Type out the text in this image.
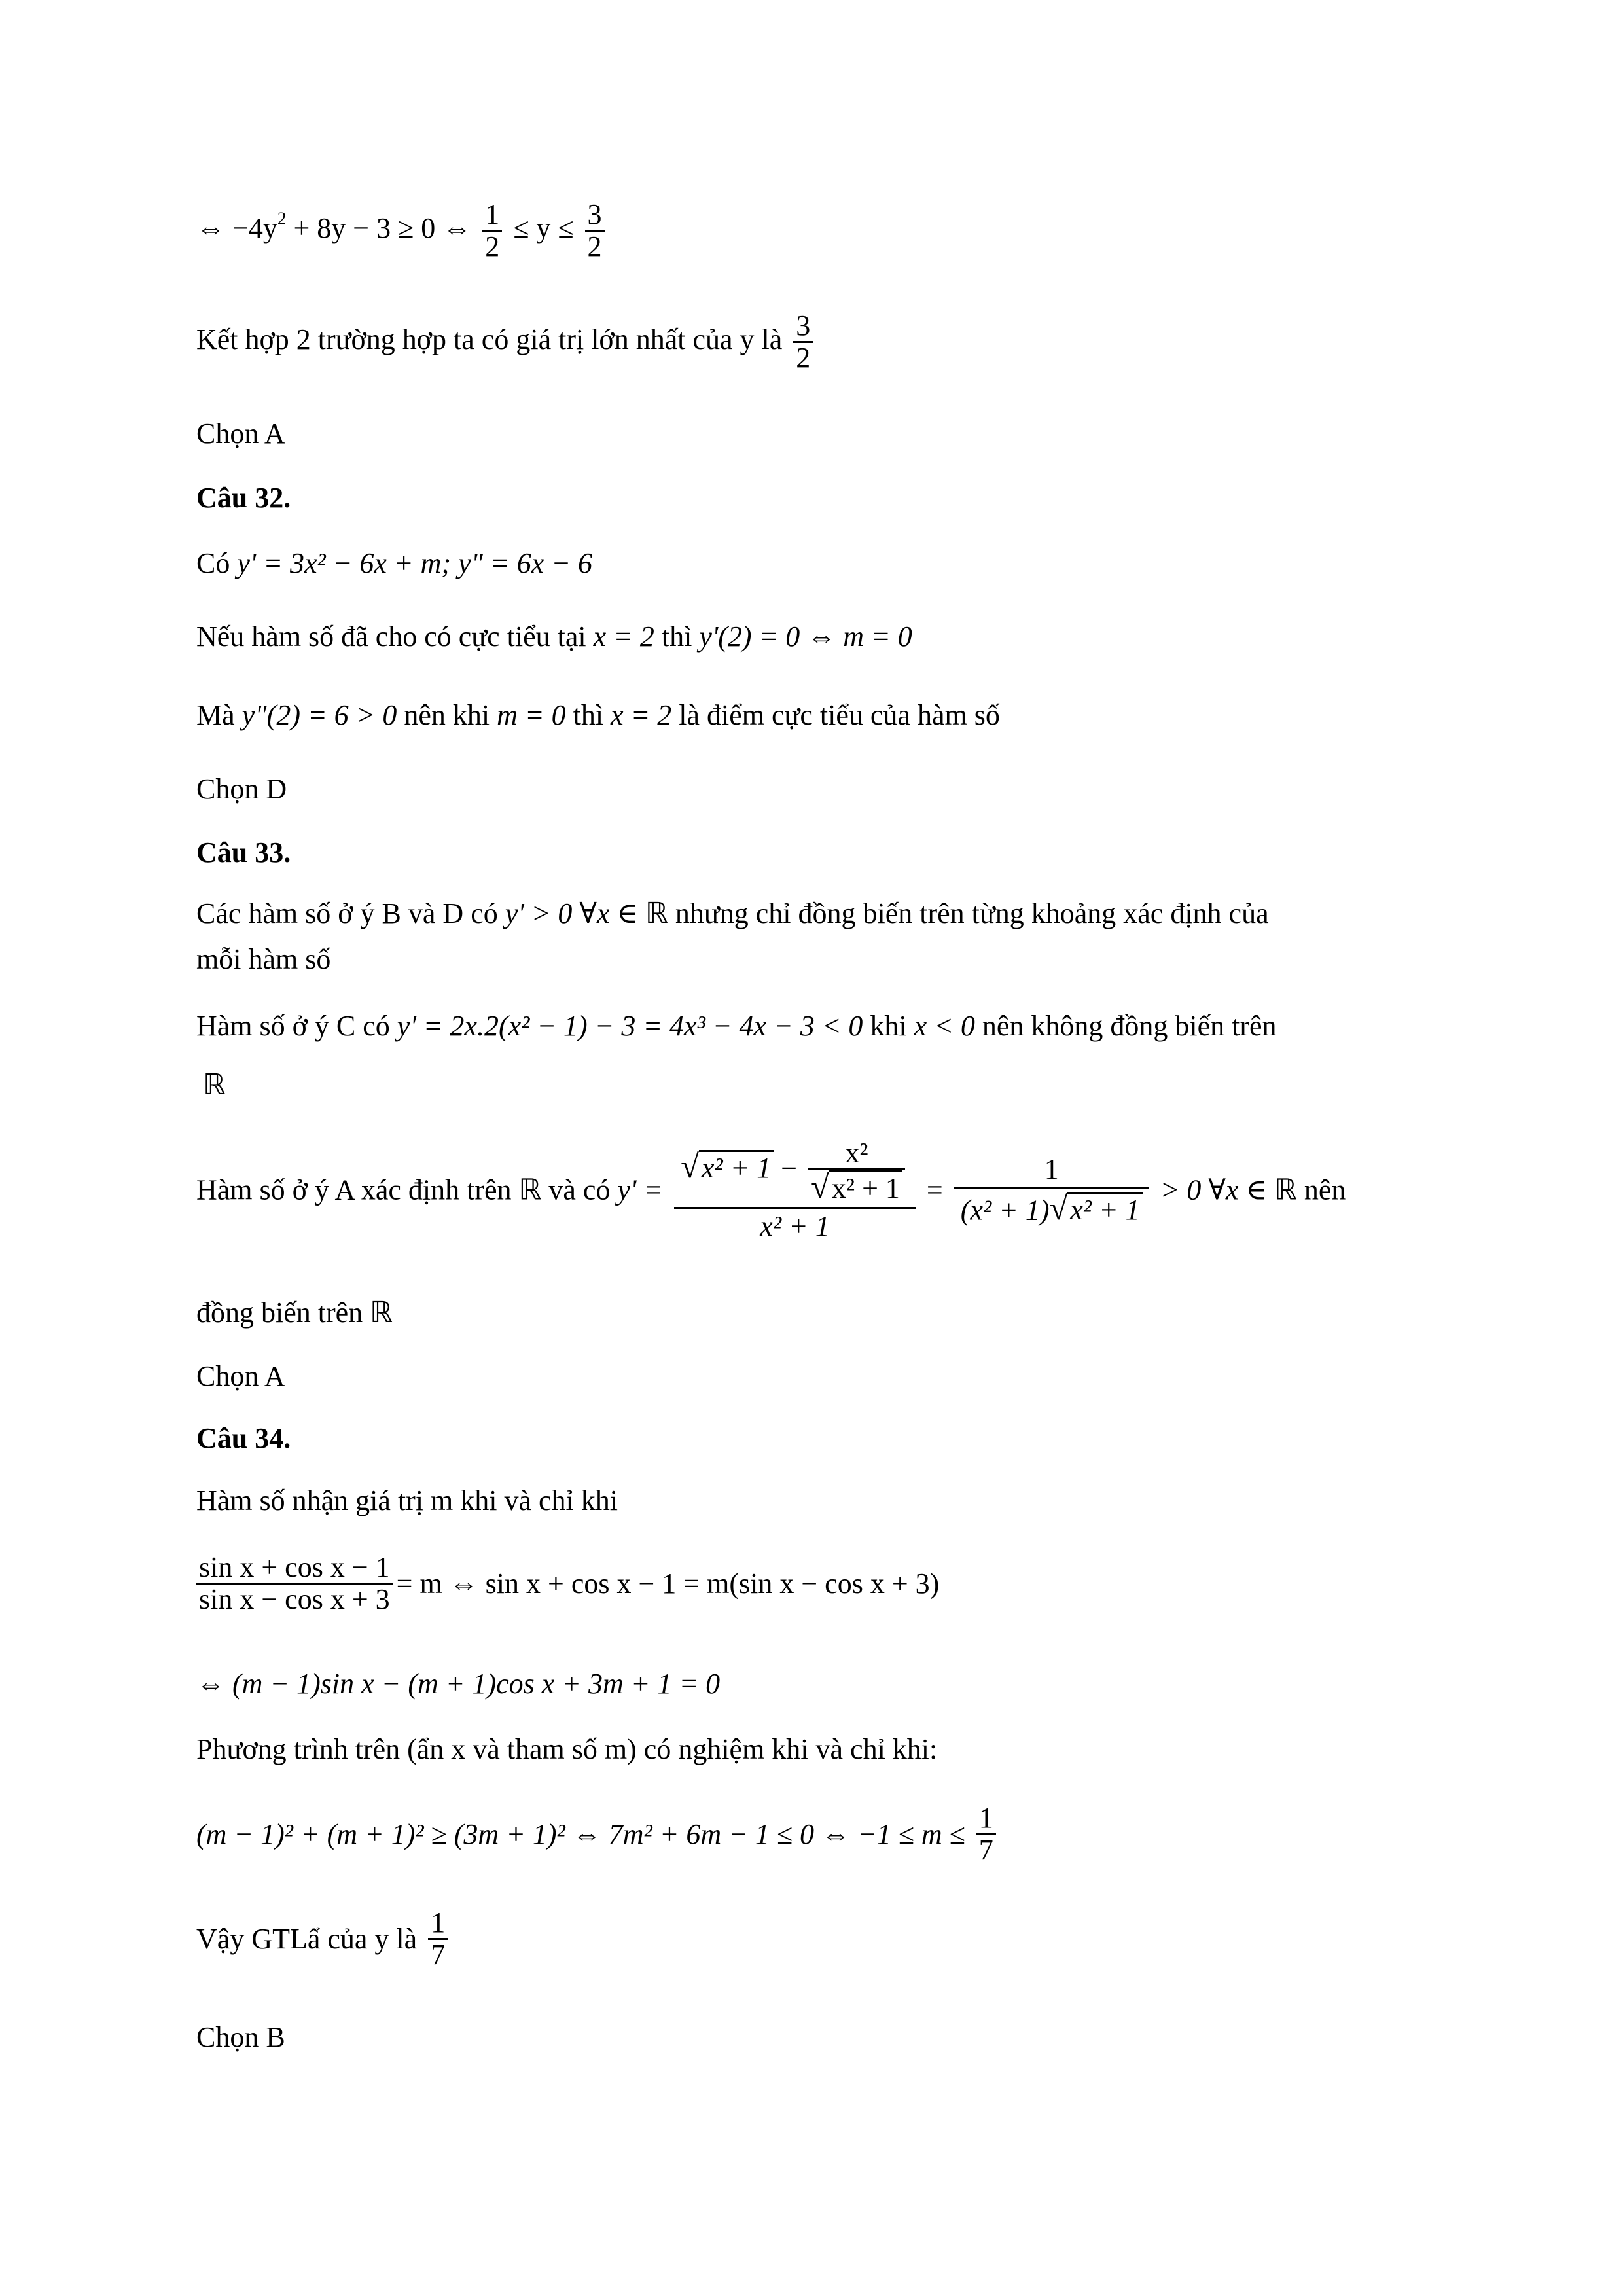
⇔ $-4y^2 + 8y - 3 \ge 0$ ⇔ $\frac{1}{2} \le y \le \frac{3}{2}$
Kết hợp 2 trường hợp ta có giá trị lớn nhất của y là $\frac{3}{2}$
Chọn A
Câu 32.
Có y' = 3x² − 6x + m; y" = 6x − 6
Nếu hàm số đã cho có cực tiểu tại x = 2 thì y'(2) = 0 ⇔ m = 0
Mà y"(2) = 6 > 0 nên khi m = 0 thì x = 2 là điểm cực tiểu của hàm số
Chọn D
Câu 33.
Các hàm số ở ý B và D có y' > 0 ∀x ∈ ℝ nhưng chỉ đồng biến trên từng khoảng xác định của
mỗi hàm số
Hàm số ở ý C có y' = 2x.2(x² − 1) − 3 = 4x³ − 4x − 3 < 0 khi x < 0 nên không đồng biến trên
ℝ
Hàm số ở ý A xác định trên ℝ và có $y' = \frac{√ x^2 + 1 - \frac{\text{x²}}{\text{√ x² + 1}}}{\text{x² + 1}} = \frac{1}{\text{(x² + 1) √ x² + 1}} > 0$ ∀x ∈ ℝ nên
đồng biến trên ℝ
Chọn A
Câu 34.
Hàm số nhận giá trị m khi và chỉ khi
$\frac{\text{sin x + cos x − 1}}{\text{sin x − cos x + 3}} = m$ ⇔ sin x + cos x − 1 = m(sin x − cos x + 3)
⇔ (m − 1)sin x − (m + 1)cos x + 3m + 1 = 0
Phương trình trên (ẩn x và tham số m) có nghiệm khi và chỉ khi:
(m − 1)² + (m + 1)² ≥ (3m + 1)² ⇔ 7m² + 6m − 1 ≤ 0 ⇔ $-1 \le m \le \frac{1}{7}$
Vậy GTLẩ của y là $\frac{1}{7}$
Chọn B
